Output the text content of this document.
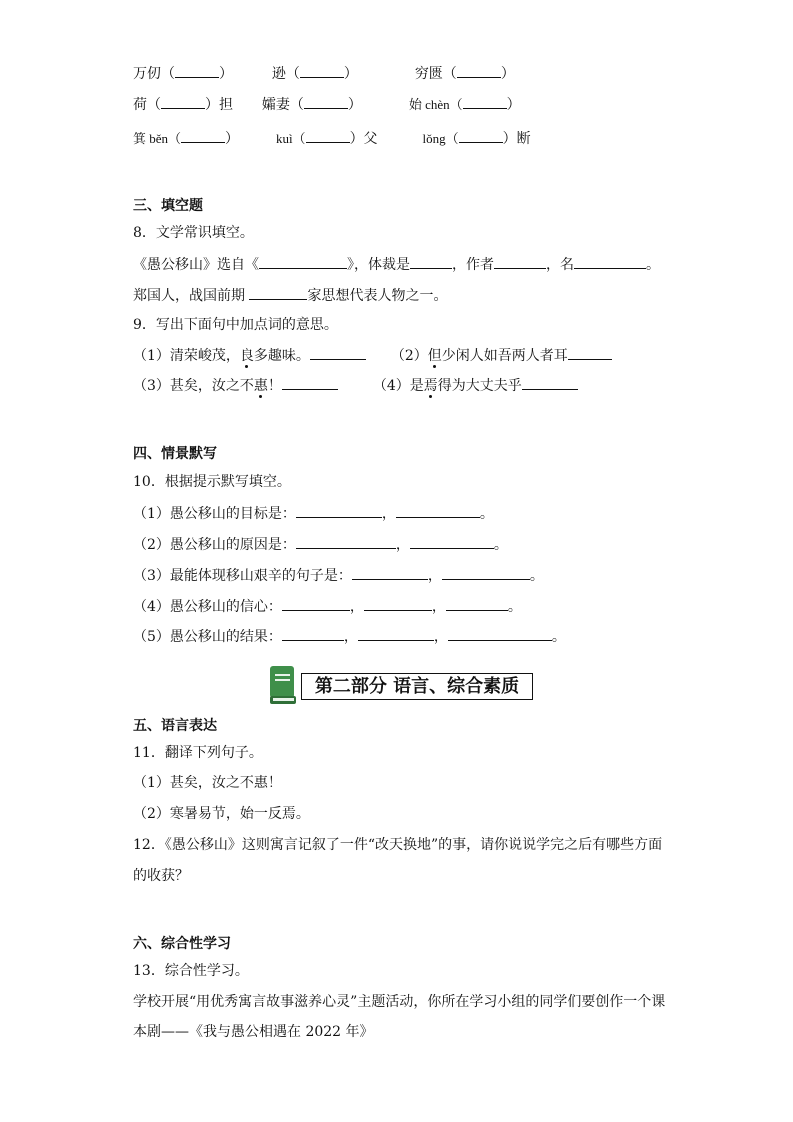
万仞（	）	逊（	）	穷匮（	）
荷（	）担 孀妻（	）	始 chèn（	）
箕 běn（	）	kuì（	）父	lǒng（	）断
三、填空题
8．文学常识填空。
《愚公移山》选自《	》，体裁是	，作者	，名	。
郑国人，战国前期	家思想代表人物之一。
9．写出下面句中加点词的意思。
（1）清荣峻茂，良多趣味。	（2）但少闲人如吾两人者耳
（3）甚矣，汝之不惠！	（4）是焉得为大丈夫乎
四、情景默写
10．根据提示默写填空。
（1）愚公移山的目标是：	，	。
（2）愚公移山的原因是：	，	。
（3）最能体现移山艰辛的句子是：	，	。
（4）愚公移山的信心：	，	，	。
（5）愚公移山的结果：	，	，	。
第二部分 语言、综合素质
五、语言表达
11．翻译下列句子。
（1）甚矣，汝之不惠！
（2）寒暑易节，始一反焉。
12．《愚公移山》这则寓言记叙了一件“改天换地”的事，请你说说学完之后有哪些方面
的收获？
六、综合性学习
13．综合性学习。
学校开展“用优秀寓言故事滋养心灵”主题活动，你所在学习小组的同学们要创作一个课
本剧——《我与愚公相遇在 2022 年》
